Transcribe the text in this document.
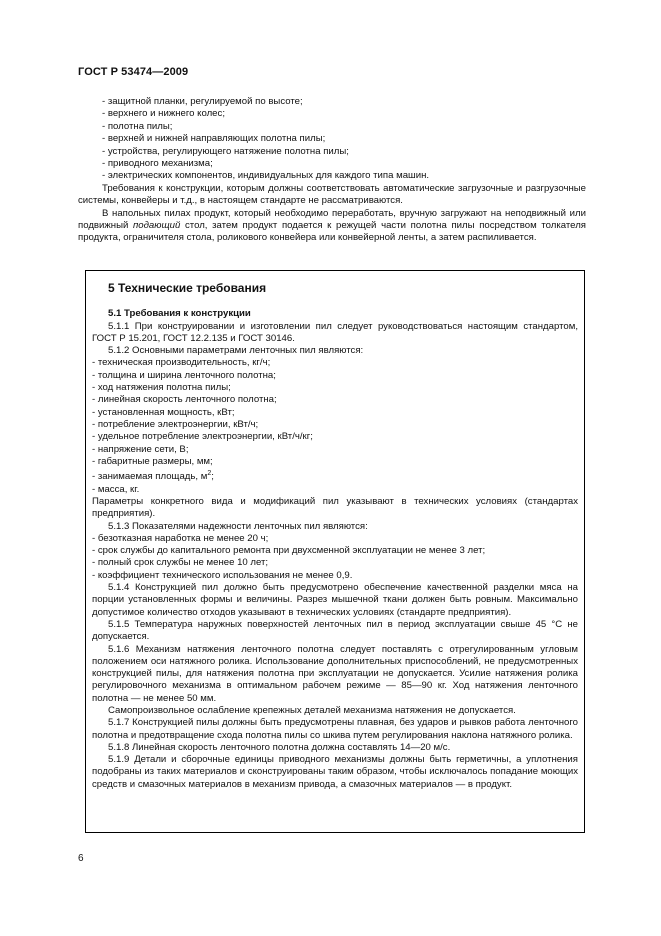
ГОСТ Р 53474—2009
- защитной планки, регулируемой по высоте;
- верхнего и нижнего колес;
- полотна пилы;
- верхней и нижней направляющих полотна пилы;
- устройства, регулирующего натяжение полотна пилы;
- приводного механизма;
- электрических компонентов, индивидуальных для каждого типа машин.

Требования к конструкции, которым должны соответствовать автоматические загрузочные и разгрузочные системы, конвейеры и т.д., в настоящем стандарте не рассматриваются.

В напольных пилах продукт, который необходимо переработать, вручную загружают на неподвижный или подвижный подающий стол, затем продукт подается к режущей части полотна пилы посредством толкателя продукта, ограничителя стола, роликового конвейера или конвейерной ленты, а затем распиливается.

5 Технические требования
5.1 Требования к конструкции

5.1.1 При конструировании и изготовлении пил следует руководствоваться настоящим стандартом, ГОСТ Р 15.201, ГОСТ 12.2.135 и ГОСТ 30146.

5.1.2 Основными параметрами ленточных пил являются:

- техническая производительность, кг/ч;
- толщина и ширина ленточного полотна;
- ход натяжения полотна пилы;
- линейная скорость ленточного полотна;
- установленная мощность, кВт;
- потребление электроэнергии, кВт/ч;
- удельное потребление электроэнергии, кВт/ч/кг;
- напряжение сети, В;
- габаритные размеры, мм;
- занимаемая площадь, $м^2$;
- масса, кг.

Параметры конкретного вида и модификаций пил указывают в технических условиях (стандартах предприятия).

5.1.3 Показателями надежности ленточных пил являются:

- безотказная наработка не менее 20 ч;
- срок службы до капитального ремонта при двухсменной эксплуатации не менее 3 лет;
- полный срок службы не менее 10 лет;
- коэффициент технического использования не менее 0,9.

5.1.4 Конструкцией пил должно быть предусмотрено обеспечение качественной разделки мяса на порции установленных формы и величины. Разрез мышечной ткани должен быть ровным. Максимально допустимое количество отходов указывают в технических условиях (стандарте предприятия).

5.1.5 Температура наружных поверхностей ленточных пил в период эксплуатации свыше 45 °С не допускается.

5.1.6 Механизм натяжения ленточного полотна следует поставлять с отрегулированным угловым положением оси натяжного ролика. Использование дополнительных приспособлений, не предусмотренных конструкцией пилы, для натяжения полотна при эксплуатации не допускается. Усилие натяжения ролика регулировочного механизма в оптимальном рабочем режиме — 85—90 кг. Ход натяжения ленточного полотна — не менее 50 мм.

Самопроизвольное ослабление крепежных деталей механизма натяжения не допускается.

5.1.7 Конструкцией пилы должны быть предусмотрены плавная, без ударов и рывков работа ленточного полотна и предотвращение схода полотна пилы со шкива путем регулирования наклона натяжного ролика.

5.1.8 Линейная скорость ленточного полотна должна составлять 14—20 м/с.

5.1.9 Детали и сборочные единицы приводного механизмы должны быть герметичны, а уплотнения подобраны из таких материалов и сконструированы таким образом, чтобы исключалось попадание моющих средств и смазочных материалов в механизм привода, а смазочных материалов — в продукт.

6
